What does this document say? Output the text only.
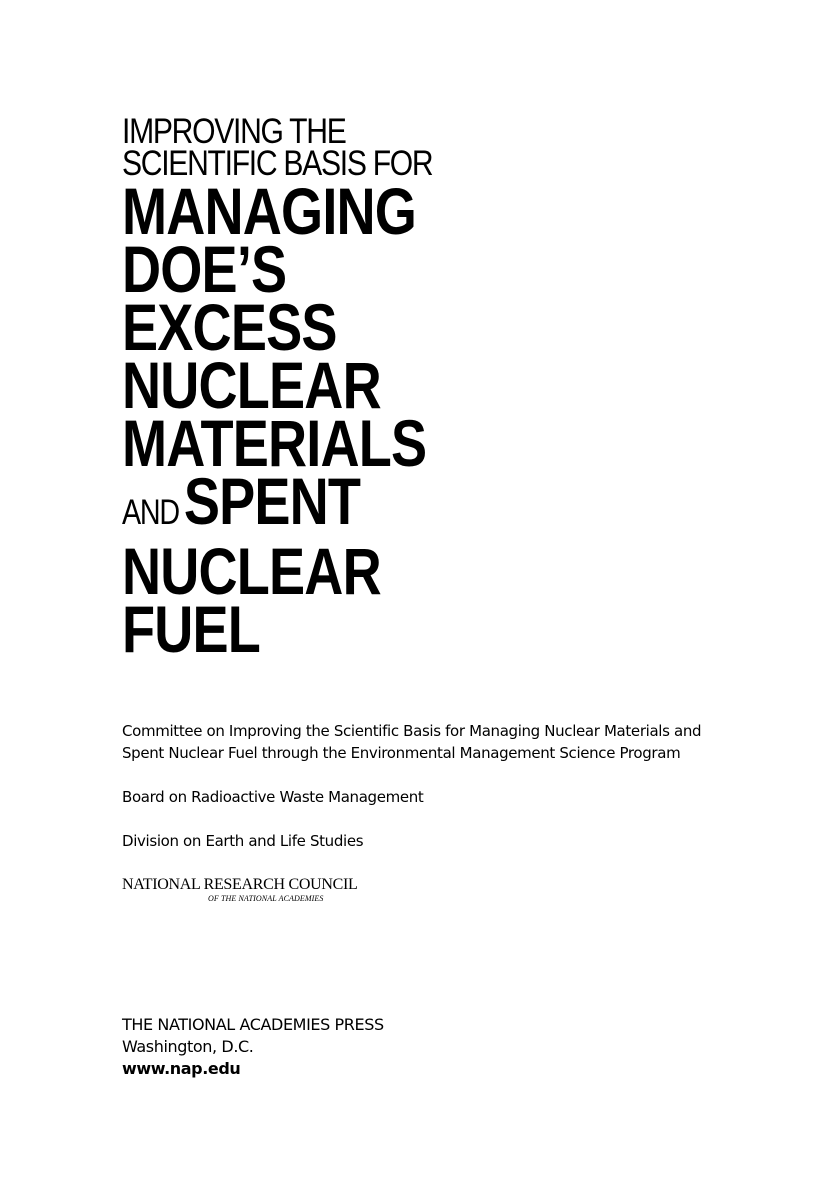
IMPROVING THE
SCIENTIFIC BASIS FOR
MANAGING
DOE’S
EXCESS
NUCLEAR
MATERIALS
ANDSPENT
NUCLEAR
FUEL

Committee on Improving the Scientific Basis for Managing Nuclear Materials and

Spent Nuclear Fuel through the Environmental Management Science Program

Board on Radioactive Waste Management

Division on Earth and Life Studies

NATIONAL RESEARCH COUNCIL
OF THE NATIONAL ACADEMIES

THE NATIONAL ACADEMIES PRESS

Washington, D.C.

www.nap.edu
